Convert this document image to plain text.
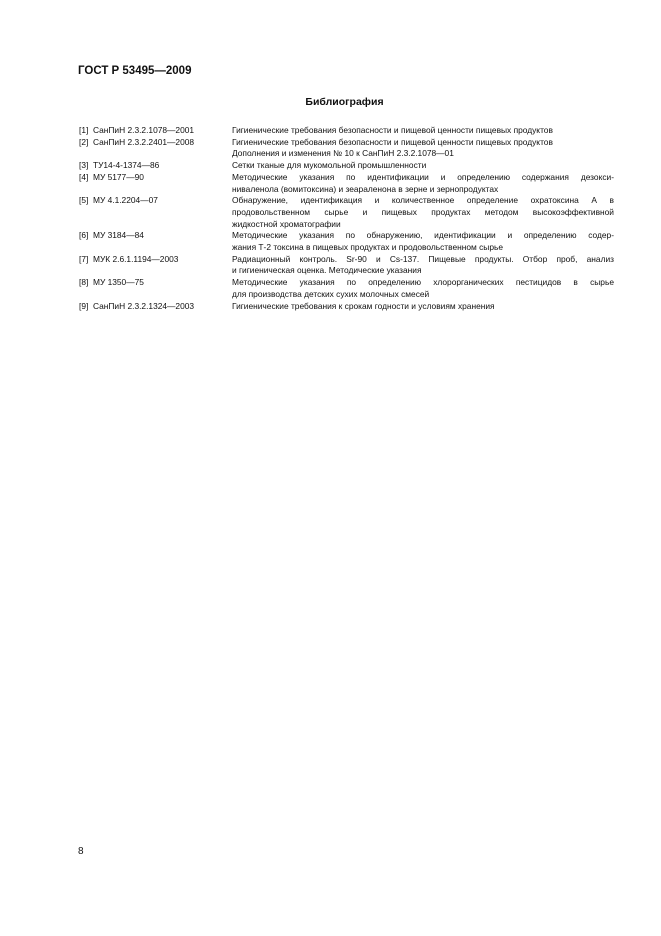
ГОСТ Р 53495—2009
Библиография
[1]  СанПиН 2.3.2.1078—2001	Гигиенические требования безопасности и пищевой ценности пищевых продуктов
[2]  СанПиН 2.3.2.2401—2008	Гигиенические требования безопасности и пищевой ценности пищевых продуктов
Дополнения и изменения № 10 к СанПиН 2.3.2.1078—01
[3]  ТУ14-4-1374—86	Сетки тканые для мукомольной промышленности
[4]  МУ 5177—90	Методические указания по идентификации и определению содержания дезокси-
ниваленола (вомитоксина) и зеараленона в зерне и зернопродуктах
[5]  МУ 4.1.2204—07	Обнаружение, идентификация и количественное определение охратоксина А в
продовольственном сырье и пищевых продуктах методом высокоэффективной
жидкостной хроматографии
[6]  МУ 3184—84	Методические указания по обнаружению, идентификации и определению содер-
жания Т-2 токсина в пищевых продуктах и продовольственном сырье
[7]  МУК 2.6.1.1194—2003	Радиационный контроль. Sr-90 и Cs-137. Пищевые продукты. Отбор проб, анализ
и гигиеническая оценка. Методические указания
[8]  МУ 1350—75	Методические указания по определению хлорорганических пестицидов в сырье
для производства детских сухих молочных смесей
[9]  СанПиН 2.3.2.1324—2003	Гигиенические требования к срокам годности и условиям хранения
8
